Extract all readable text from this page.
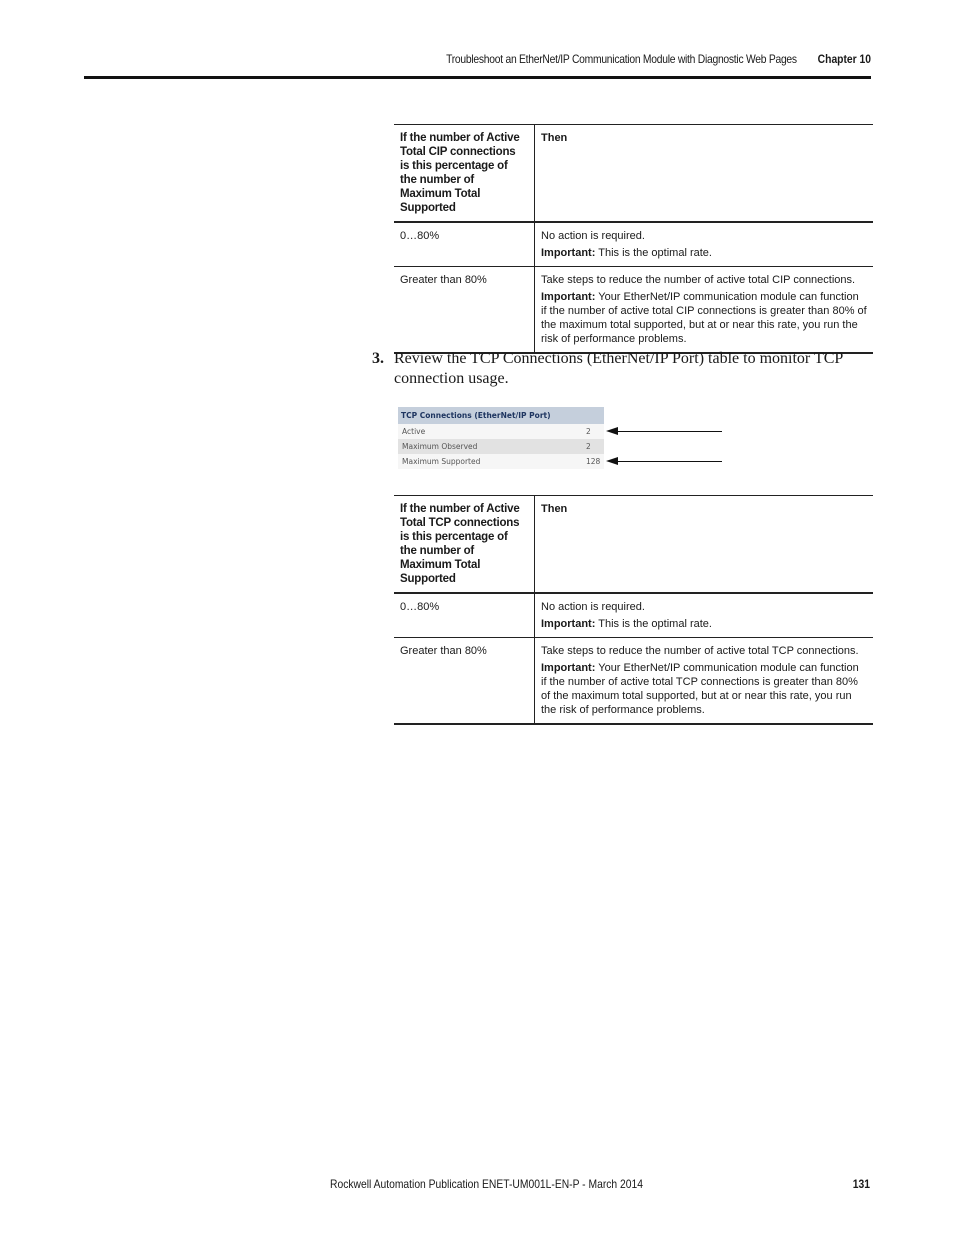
Troubleshoot an EtherNet/IP Communication Module with Diagnostic Web Pages Chapter 10
If the number of Active Total CIP connections is this percentage of the number of Maximum Total Supported	Then
0…80%	No action is required.
Important: This is the optimal rate.

Greater than 80%	Take steps to reduce the number of active total CIP connections.
Important: Your EtherNet/IP communication module can function if the number of active total CIP connections is greater than 80% of the maximum total supported, but at or near this rate, you run the risk of performance problems.
3. Review the TCP Connections (EtherNet/IP Port) table to monitor TCP connection usage.
TCP Connections (EtherNet/IP Port)
Active	2
Maximum Observed	2
Maximum Supported	128
If the number of Active Total TCP connections is this percentage of the number of Maximum Total Supported	Then
0…80%	No action is required.
Important: This is the optimal rate.

Greater than 80%	Take steps to reduce the number of active total TCP connections.
Important: Your EtherNet/IP communication module can function if the number of active total TCP connections is greater than 80% of the maximum total supported, but at or near this rate, you run the risk of performance problems.
Rockwell Automation Publication ENET-UM001L-EN-P - March 2014	131
